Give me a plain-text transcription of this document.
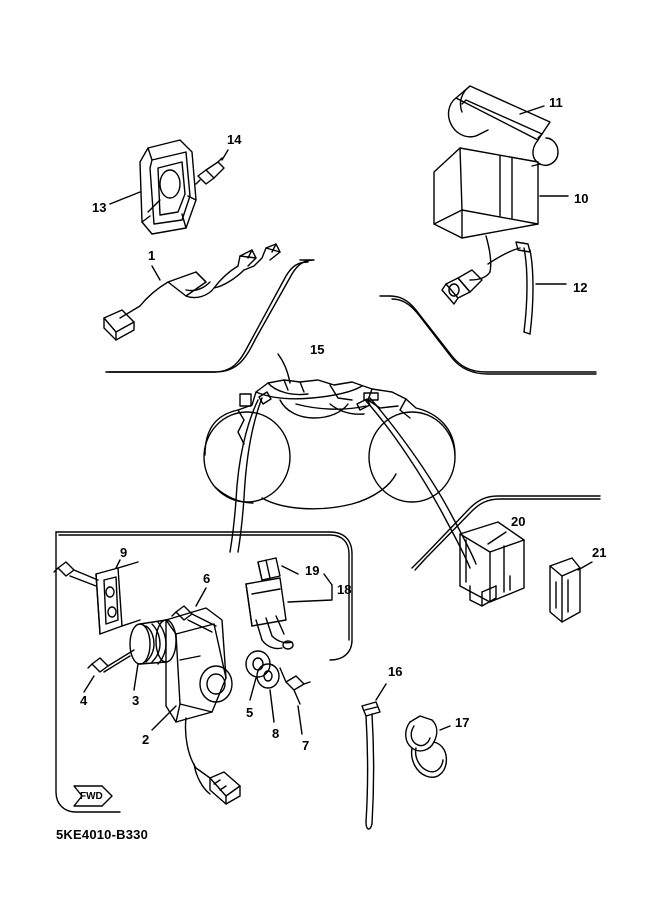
1
2
3
4
5
6
7
8
9
10
11
12
13
14
15
16
17
18
19
20
21
FWD
5KE4010-B330
